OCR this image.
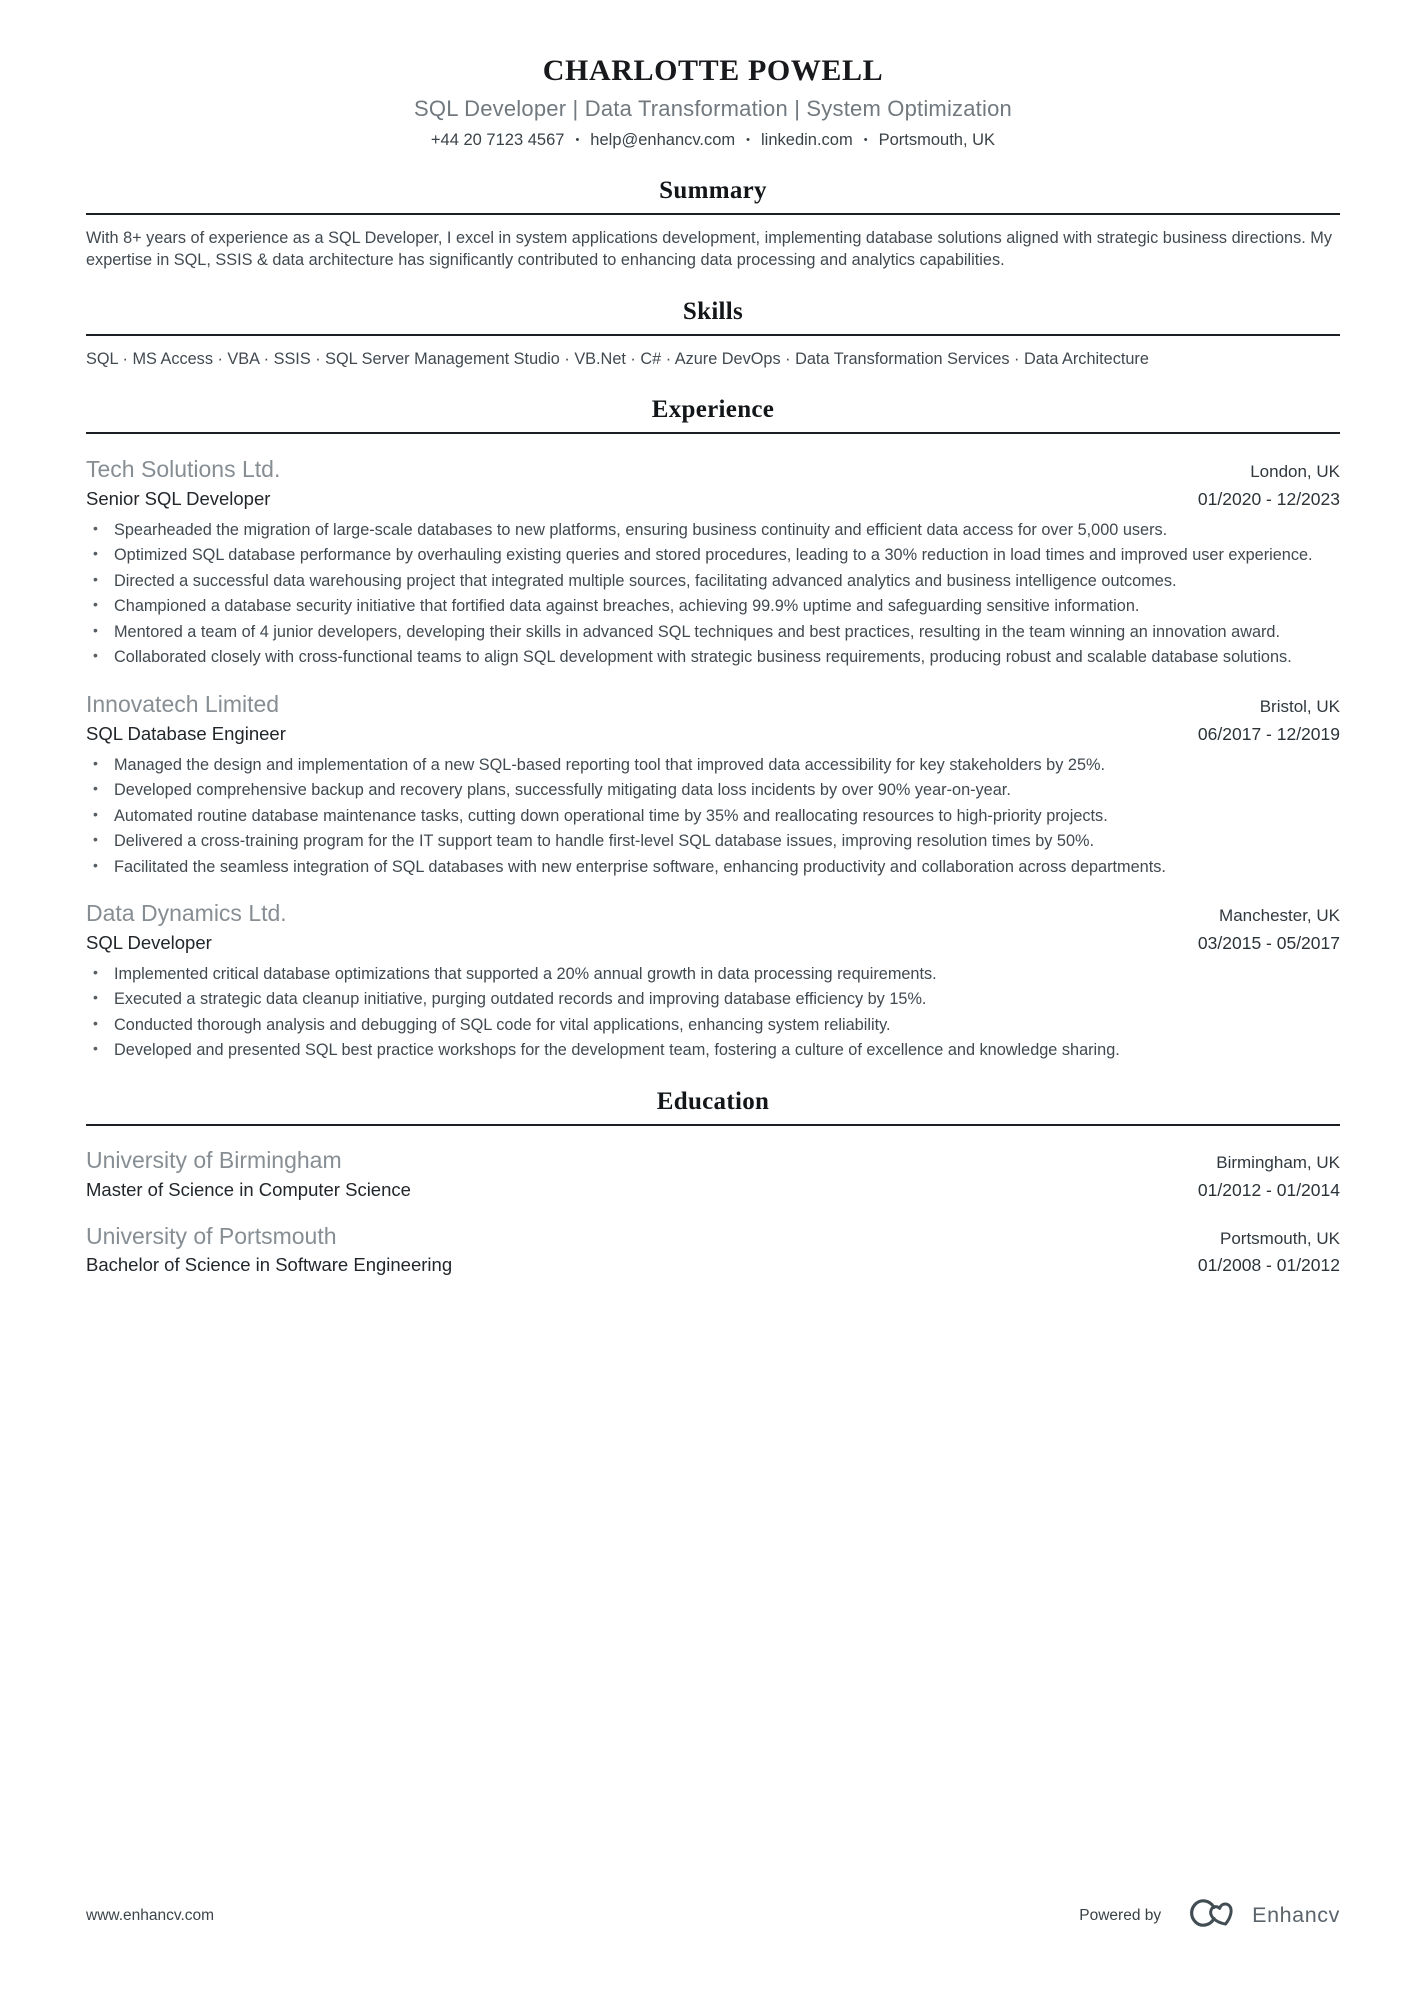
CHARLOTTE POWELL
SQL Developer | Data Transformation | System Optimization
+44 20 7123 4567 • help@enhancv.com • linkedin.com • Portsmouth, UK
Summary
With 8+ years of experience as a SQL Developer, I excel in system applications development, implementing database solutions aligned with strategic business directions. My expertise in SQL, SSIS & data architecture has significantly contributed to enhancing data processing and analytics capabilities.
Skills
SQL · MS Access · VBA · SSIS · SQL Server Management Studio · VB.Net · C# · Azure DevOps · Data Transformation Services · Data Architecture
Experience
Tech Solutions Ltd.	London, UK
Senior SQL Developer	01/2020 - 12/2023
• Spearheaded the migration of large-scale databases to new platforms, ensuring business continuity and efficient data access for over 5,000 users.
• Optimized SQL database performance by overhauling existing queries and stored procedures, leading to a 30% reduction in load times and improved user experience.
• Directed a successful data warehousing project that integrated multiple sources, facilitating advanced analytics and business intelligence outcomes.
• Championed a database security initiative that fortified data against breaches, achieving 99.9% uptime and safeguarding sensitive information.
• Mentored a team of 4 junior developers, developing their skills in advanced SQL techniques and best practices, resulting in the team winning an innovation award.
• Collaborated closely with cross-functional teams to align SQL development with strategic business requirements, producing robust and scalable database solutions.
Innovatech Limited	Bristol, UK
SQL Database Engineer	06/2017 - 12/2019
• Managed the design and implementation of a new SQL-based reporting tool that improved data accessibility for key stakeholders by 25%.
• Developed comprehensive backup and recovery plans, successfully mitigating data loss incidents by over 90% year-on-year.
• Automated routine database maintenance tasks, cutting down operational time by 35% and reallocating resources to high-priority projects.
• Delivered a cross-training program for the IT support team to handle first-level SQL database issues, improving resolution times by 50%.
• Facilitated the seamless integration of SQL databases with new enterprise software, enhancing productivity and collaboration across departments.
Data Dynamics Ltd.	Manchester, UK
SQL Developer	03/2015 - 05/2017
• Implemented critical database optimizations that supported a 20% annual growth in data processing requirements.
• Executed a strategic data cleanup initiative, purging outdated records and improving database efficiency by 15%.
• Conducted thorough analysis and debugging of SQL code for vital applications, enhancing system reliability.
• Developed and presented SQL best practice workshops for the development team, fostering a culture of excellence and knowledge sharing.
Education
University of Birmingham	Birmingham, UK
Master of Science in Computer Science	01/2012 - 01/2014
University of Portsmouth	Portsmouth, UK
Bachelor of Science in Software Engineering	01/2008 - 01/2012
www.enhancv.com	Powered by	Enhancv
